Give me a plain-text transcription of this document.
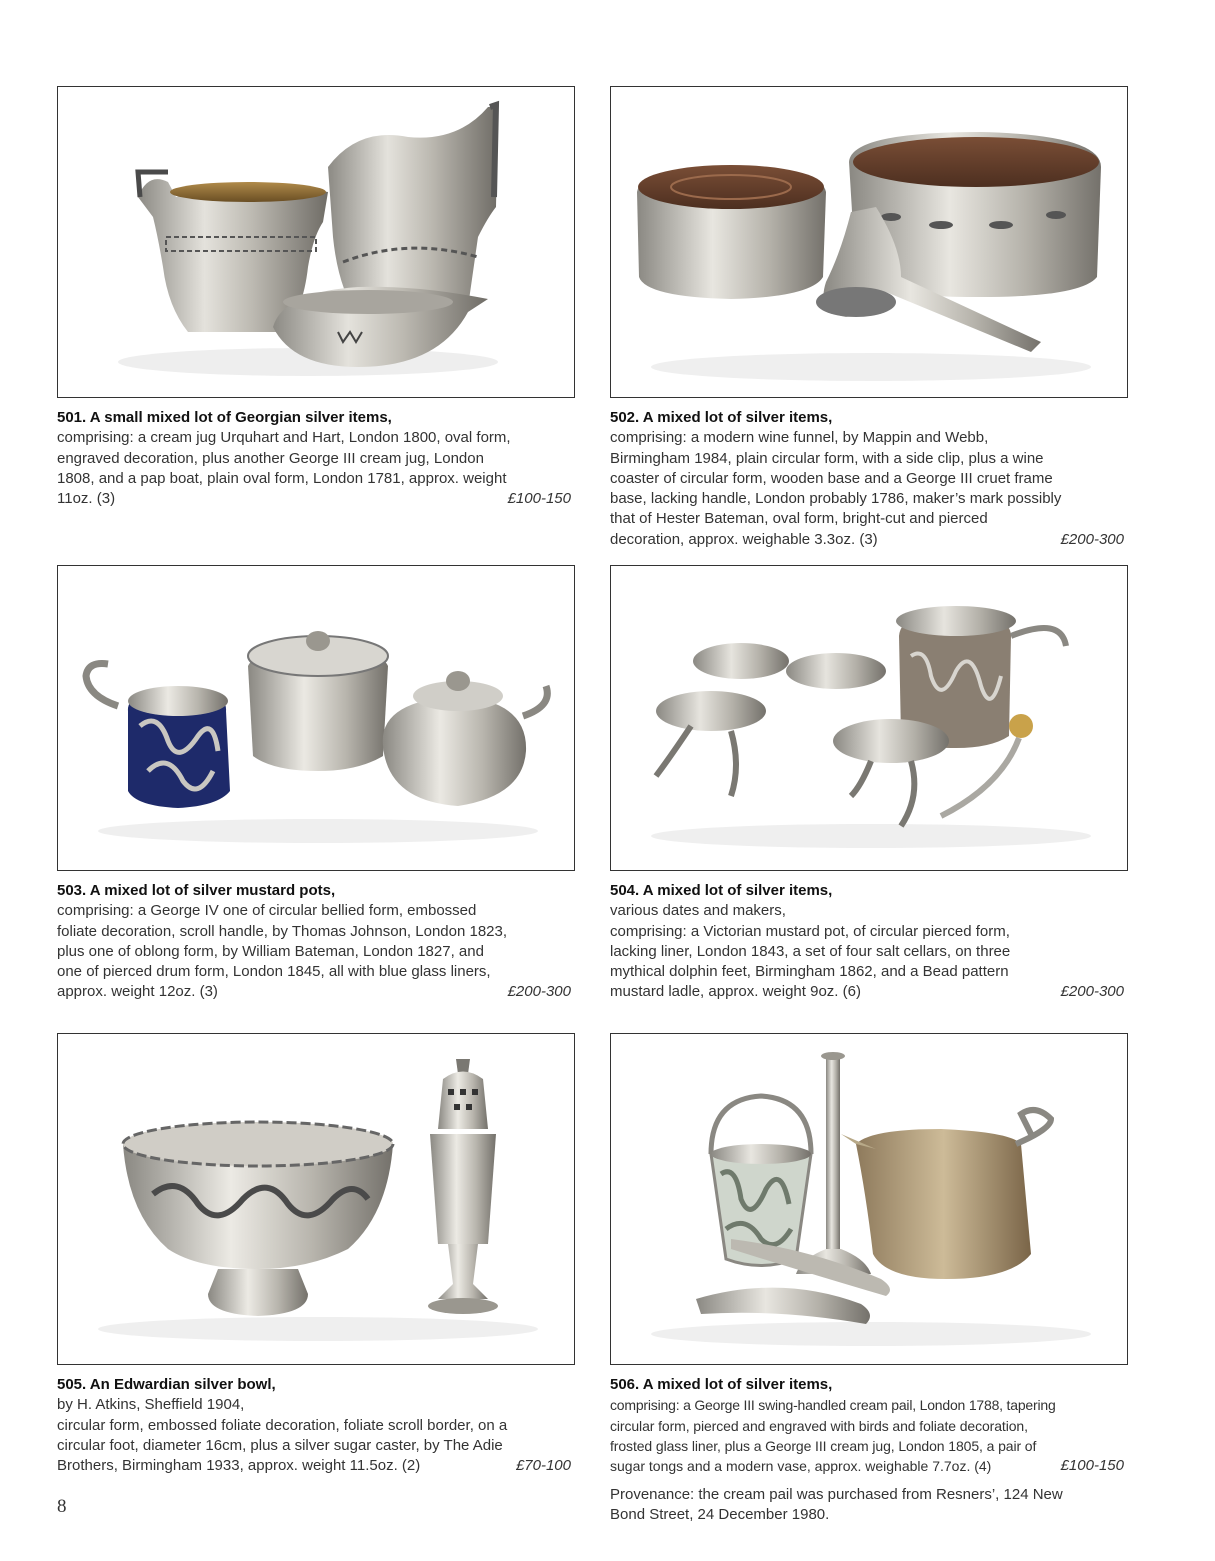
501. A small mixed lot of Georgian silver items,
comprising: a cream jug Urquhart and Hart, London 1800, oval form,
engraved decoration, plus another George III cream jug, London
1808, and a pap boat, plain oval form, London 1781, approx. weight
11oz. (3)	£100-150
502. A mixed lot of silver items,
comprising: a modern wine funnel, by Mappin and Webb,
Birmingham 1984, plain circular form, with a side clip, plus a wine
coaster of circular form, wooden base and a George III cruet frame
base, lacking handle, London probably 1786, maker’s mark possibly
that of Hester Bateman, oval form, bright-cut and pierced
decoration, approx. weighable 3.3oz. (3)	£200-300
503. A mixed lot of silver mustard pots,
comprising: a George IV one of circular bellied form, embossed
foliate decoration, scroll handle, by Thomas Johnson, London 1823,
plus one of oblong form, by William Bateman, London 1827, and
one of pierced drum form, London 1845, all with blue glass liners,
approx. weight 12oz. (3)	£200-300
504. A mixed lot of silver items,
various dates and makers,
comprising: a Victorian mustard pot, of circular pierced form,
lacking liner, London 1843, a set of four salt cellars, on three
mythical dolphin feet, Birmingham 1862, and a Bead pattern
mustard ladle, approx. weight 9oz. (6)	£200-300
505. An Edwardian silver bowl,
by H. Atkins, Sheffield 1904,
circular form, embossed foliate decoration, foliate scroll border, on a
circular foot, diameter 16cm, plus a silver sugar caster, by The Adie
Brothers, Birmingham 1933, approx. weight 11.5oz. (2)	£70-100
506. A mixed lot of silver items,
comprising: a George III swing-handled cream pail, London 1788, tapering
circular form, pierced and engraved with birds and foliate decoration,
frosted glass liner, plus a George III cream jug, London 1805, a pair of
sugar tongs and a modern vase, approx. weighable 7.7oz. (4)	£100-150
Provenance: the cream pail was purchased from Resners’, 124 New
Bond Street, 24 December 1980.
8
